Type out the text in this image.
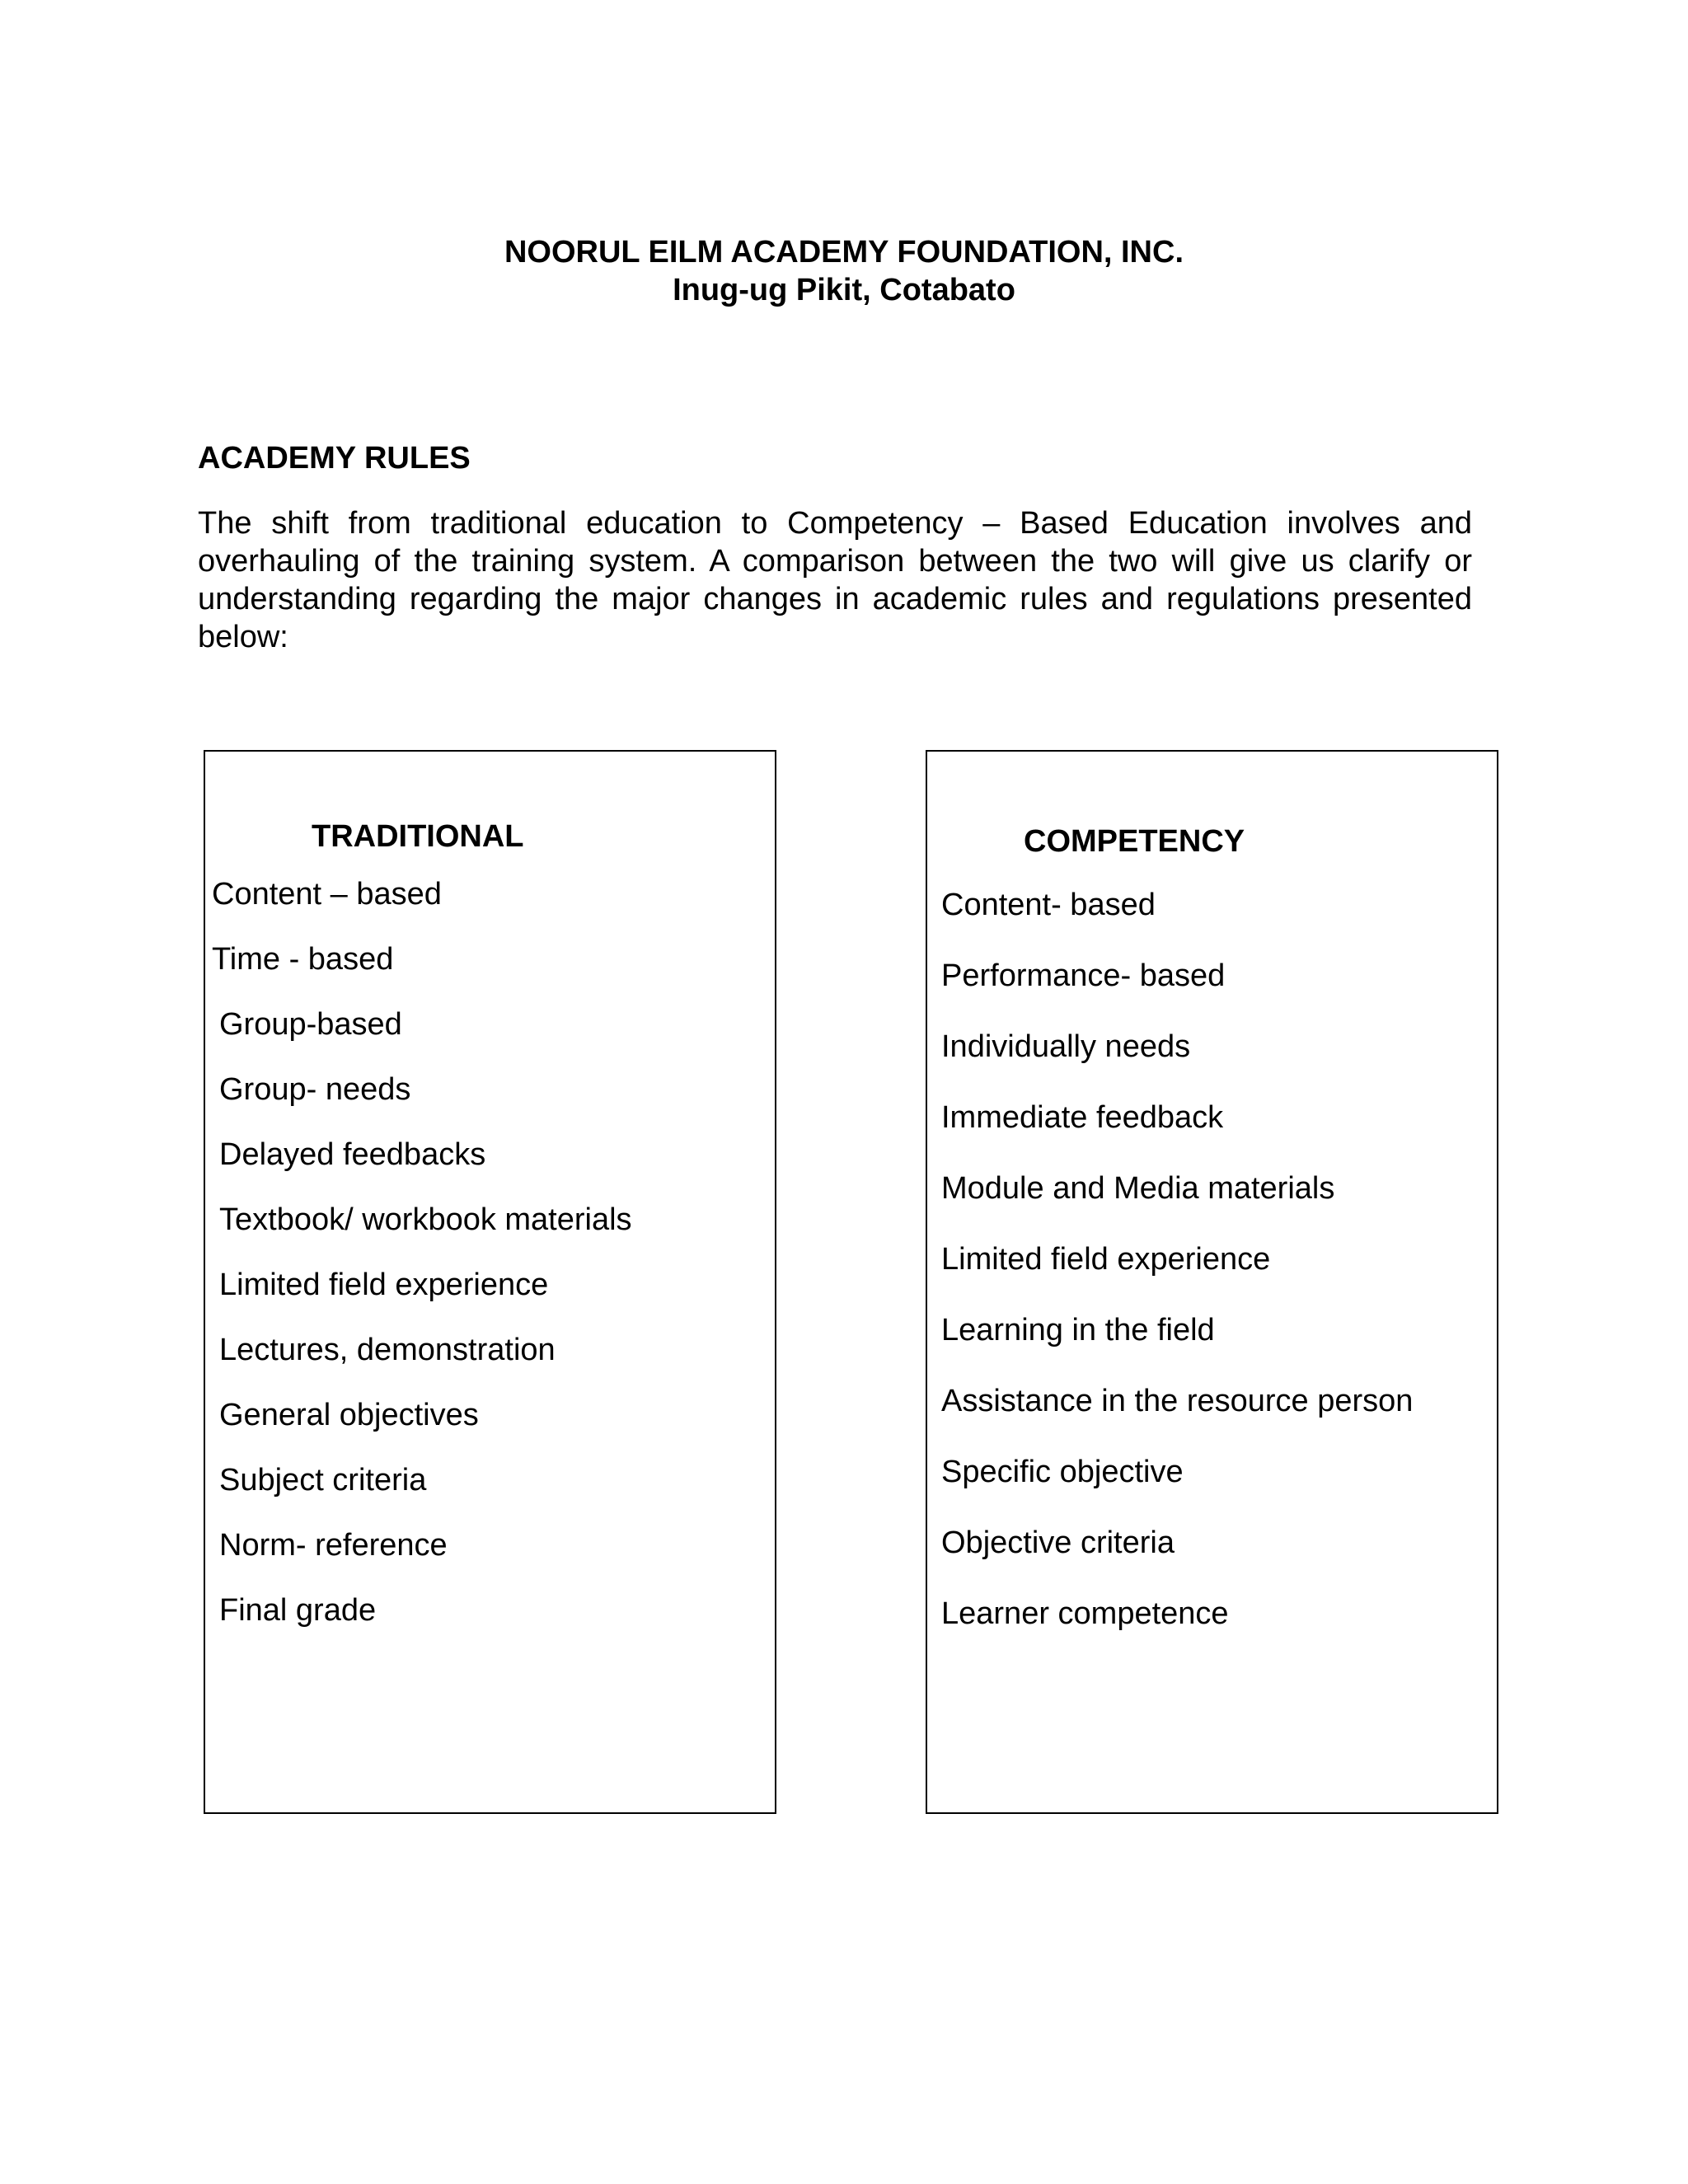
NOORUL EILM ACADEMY FOUNDATION, INC.
Inug-ug Pikit, Cotabato
ACADEMY RULES

The shift from traditional education to Competency – Based Education involves and overhauling of the training system. A comparison between the two will give us clarify or understanding regarding the major changes in academic rules and regulations presented below:

TRADITIONAL
Content – based
Time - based
Group-based
Group- needs
Delayed feedbacks
Textbook/ workbook materials
Limited field experience
Lectures, demonstration
General objectives
Subject criteria
Norm- reference
Final grade
COMPETENCY
Content- based
Performance- based
Individually needs
Immediate feedback
Module and Media materials
Limited field experience
Learning in the field
Assistance in the resource person
Specific objective
Objective criteria
Learner competence
